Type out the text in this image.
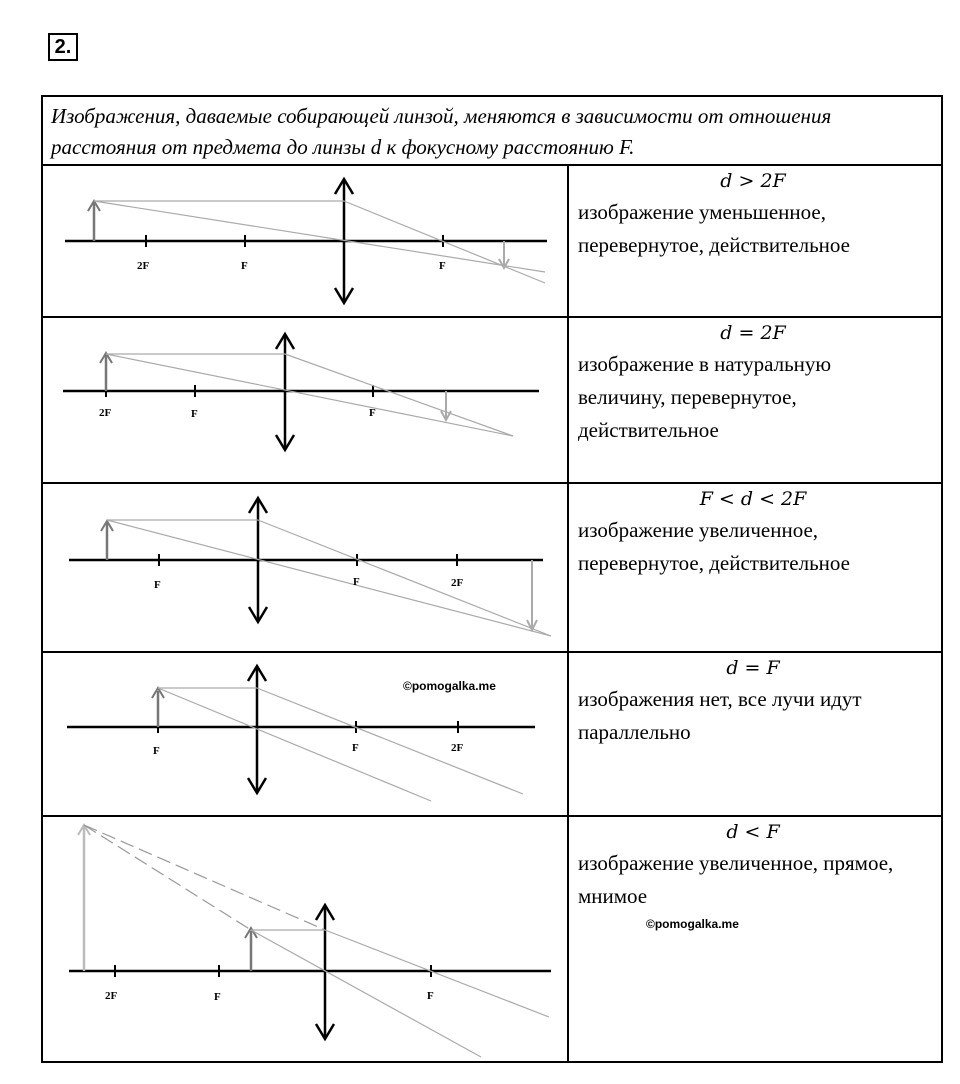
2.
Изображения, даваемые собирающей линзой, меняются в зависимости от отношения
расстояния от предмета до линзы d к фокусному расстоянию F.
2F	F	F
d > 2F
изображение уменьшенное,
перевернутое, действительное
2F	F	F
d = 2F
изображение в натуральную
величину, перевернутое,
действительное
F	F	2F
F < d < 2F
изображение увеличенное,
перевернутое, действительное
F	F	2F
©pomogalka.me
d = F
изображения нет, все лучи идут
параллельно
2F	F	F
d < F
изображение увеличенное, прямое,
мнимое
©pomogalka.me
